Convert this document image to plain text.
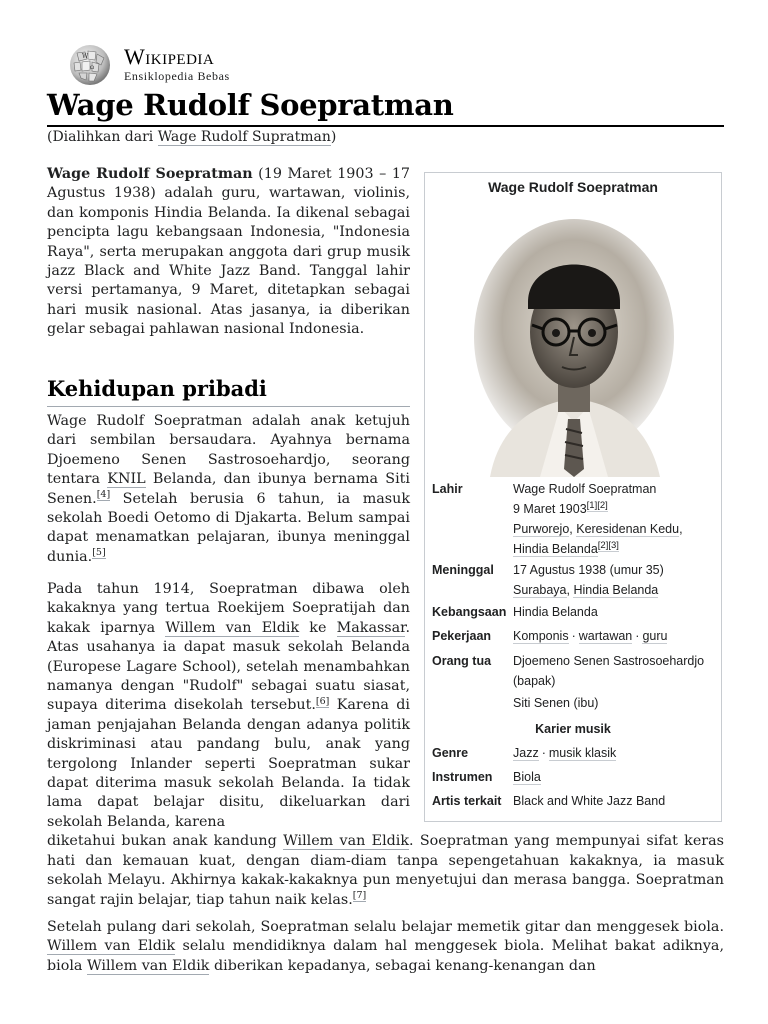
W
Ω Wikipedia
Ensiklopedia Bebas
Wage Rudolf Soepratman
(Dialihkan dari Wage Rudolf Supratman)

Wage Rudolf Soepratman (19 Maret 1903 – 17 Agustus 1938) adalah guru, wartawan, violinis, dan komponis Hindia Belanda. Ia dikenal sebagai pencipta lagu kebangsaan Indonesia, "Indonesia Raya", serta merupakan anggota dari grup musik jazz Black and White Jazz Band. Tanggal lahir versi pertamanya, 9 Maret, ditetapkan sebagai hari musik nasional. Atas jasanya, ia diberikan gelar sebagai pahlawan nasional Indonesia.

Kehidupan pribadi

Wage Rudolf Soepratman adalah anak ketujuh dari sembilan bersaudara. Ayahnya bernama Djoemeno Senen Sastrosoehardjo, seorang tentara KNIL Belanda, dan ibunya bernama Siti Senen.[4] Setelah berusia 6 tahun, ia masuk sekolah Boedi Oetomo di Djakarta. Belum sampai dapat menamatkan pelajaran, ibunya meninggal dunia.[5]

Pada tahun 1914, Soepratman dibawa oleh kakaknya yang tertua Roekijem Soepratijah dan kakak iparnya Willem van Eldik ke Makassar. Atas usahanya ia dapat masuk sekolah Belanda (Europese Lagare School), setelah menambahkan namanya dengan "Rudolf" sebagai suatu siasat, supaya diterima disekolah tersebut.[6] Karena di jaman penjajahan Belanda dengan adanya politik diskriminasi atau pandang bulu, anak yang tergolong Inlander seperti Soepratman sukar dapat diterima masuk sekolah Belanda. Ia tidak lama dapat belajar disitu, dikeluarkan dari sekolah Belanda, karena

diketahui bukan anak kandung Willem van Eldik. Soepratman yang mempunyai sifat keras hati dan kemauan kuat, dengan diam-diam tanpa sepengetahuan kakaknya, ia masuk sekolah Melayu. Akhirnya kakak-kakaknya pun menyetujui dan merasa bangga. Soepratman sangat rajin belajar, tiap tahun naik kelas.[7]

Setelah pulang dari sekolah, Soepratman selalu belajar memetik gitar dan menggesek biola. Willem van Eldik selalu mendidiknya dalam hal menggesek biola. Melihat bakat adiknya, biola Willem van Eldik diberikan kepadanya, sebagai kenang-kenangan dan

Wage Rudolf Soepratman
Lahir	Wage Rudolf Soepratman
9 Maret 1903[1][2]
Purworejo, Keresidenan Kedu,
Hindia Belanda[2][3]
Meninggal	17 Agustus 1938 (umur 35)
Surabaya, Hindia Belanda
Kebangsaan Hindia Belanda
Pekerjaan	Komponis · wartawan · guru
Orang tua	Djoemeno Senen Sastrosoehardjo (bapak)
Siti Senen (ibu)
Karier musik
Genre	Jazz · musik klasik
Instrumen	Biola
Artis terkait Black and White Jazz Band
